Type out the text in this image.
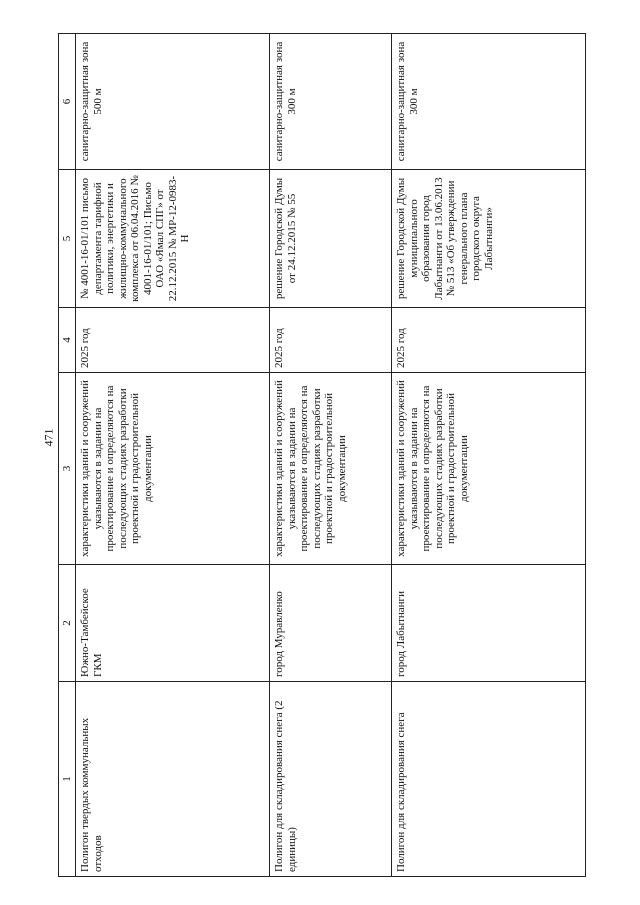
471
1	2	3	4	5	6
Полигон твердых коммунальных отходов	Южно-Тамбейское ГКМ	характеристики зданий и сооружений указываются в задании на проектирование и определяются на последующих стадиях разработки проектной и градостроительной документации	2025 год	№ 4001-16-01/101 письмо департамента тарифной политики, энергетики и жилищно-коммунального комплекса от 06.04.2016 № 4001-16-01/101; Письмо ОАО «Ямал СПГ» от 22.12.2015 № МР-12-0983-Н	санитарно-защитная зона 500 м
Полигон для складирования снега (2 единицы)	город Муравленко	характеристики зданий и сооружений указываются в задании на проектирование и определяются на последующих стадиях разработки проектной и градостроительной документации	2025 год	решение Городской Думы от 24.12.2015 № 55	санитарно-защитная зона 300 м
Полигон для складирования снега	город Лабытнанги	характеристики зданий и сооружений указываются в задании на проектирование и определяются на последующих стадиях разработки проектной и градостроительной документации	2025 год	решение Городской Думы муниципального образования город Лабытнанги от 13.06.2013 № 513 «Об утверждении генерального плана городского округа Лабытнанги»	санитарно-защитная зона 300 м
